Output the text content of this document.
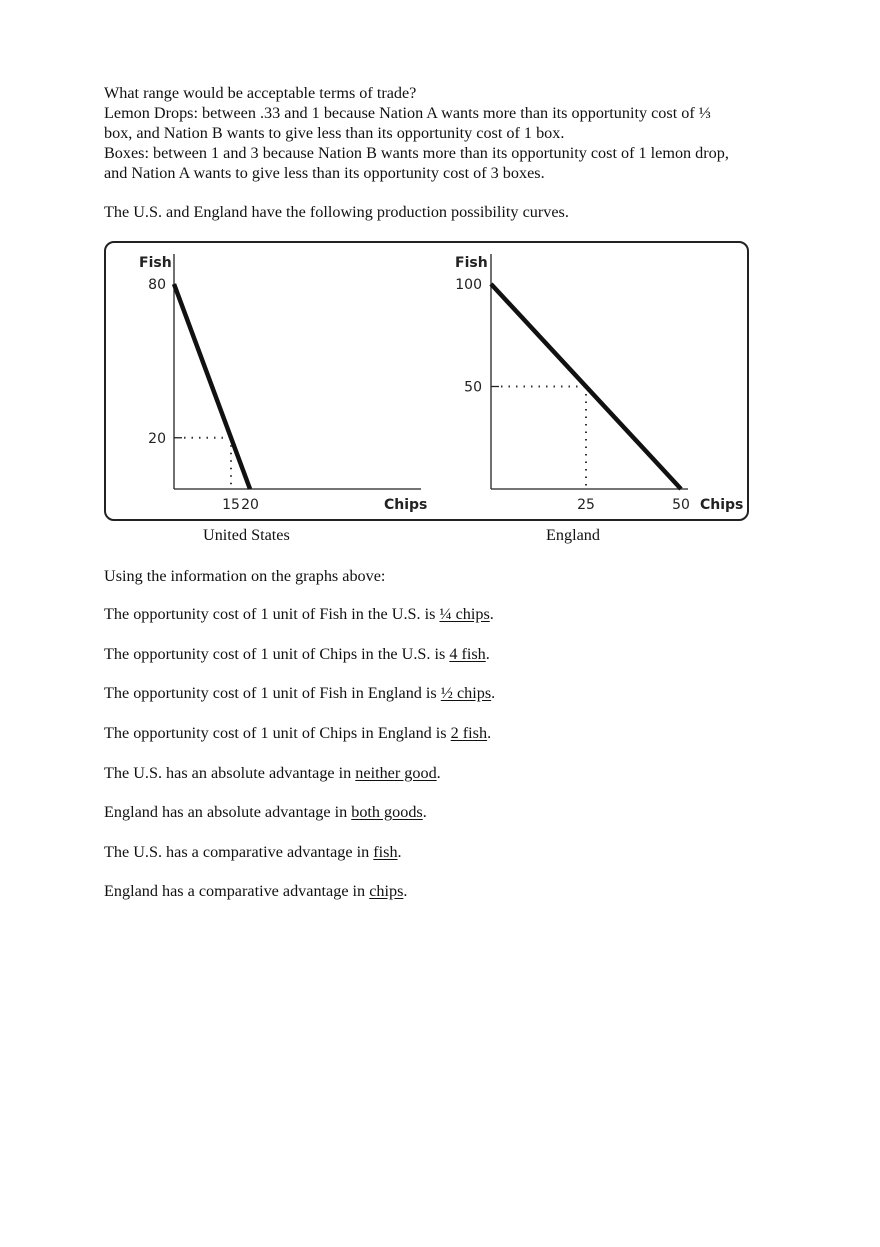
What range would be acceptable terms of trade?
Lemon Drops: between .33 and 1 because Nation A wants more than its opportunity cost of ⅓
box, and Nation B wants to give less than its opportunity cost of 1 box.
Boxes: between 1 and 3 because Nation B wants more than its opportunity cost of 1 lemon drop,
and Nation A wants to give less than its opportunity cost of 3 boxes.
The U.S. and England have the following production possibility curves.
Fish
Chips
80
20
15 20
Fish
Chips
100
50
25	50
United States	England
Using the information on the graphs above:
The opportunity cost of 1 unit of Fish in the U.S. is ¼ chips.
The opportunity cost of 1 unit of Chips in the U.S. is 4 fish.
The opportunity cost of 1 unit of Fish in England is ½ chips.
The opportunity cost of 1 unit of Chips in England is 2 fish.
The U.S. has an absolute advantage in neither good.
England has an absolute advantage in both goods.
The U.S. has a comparative advantage in fish.
England has a comparative advantage in chips.
